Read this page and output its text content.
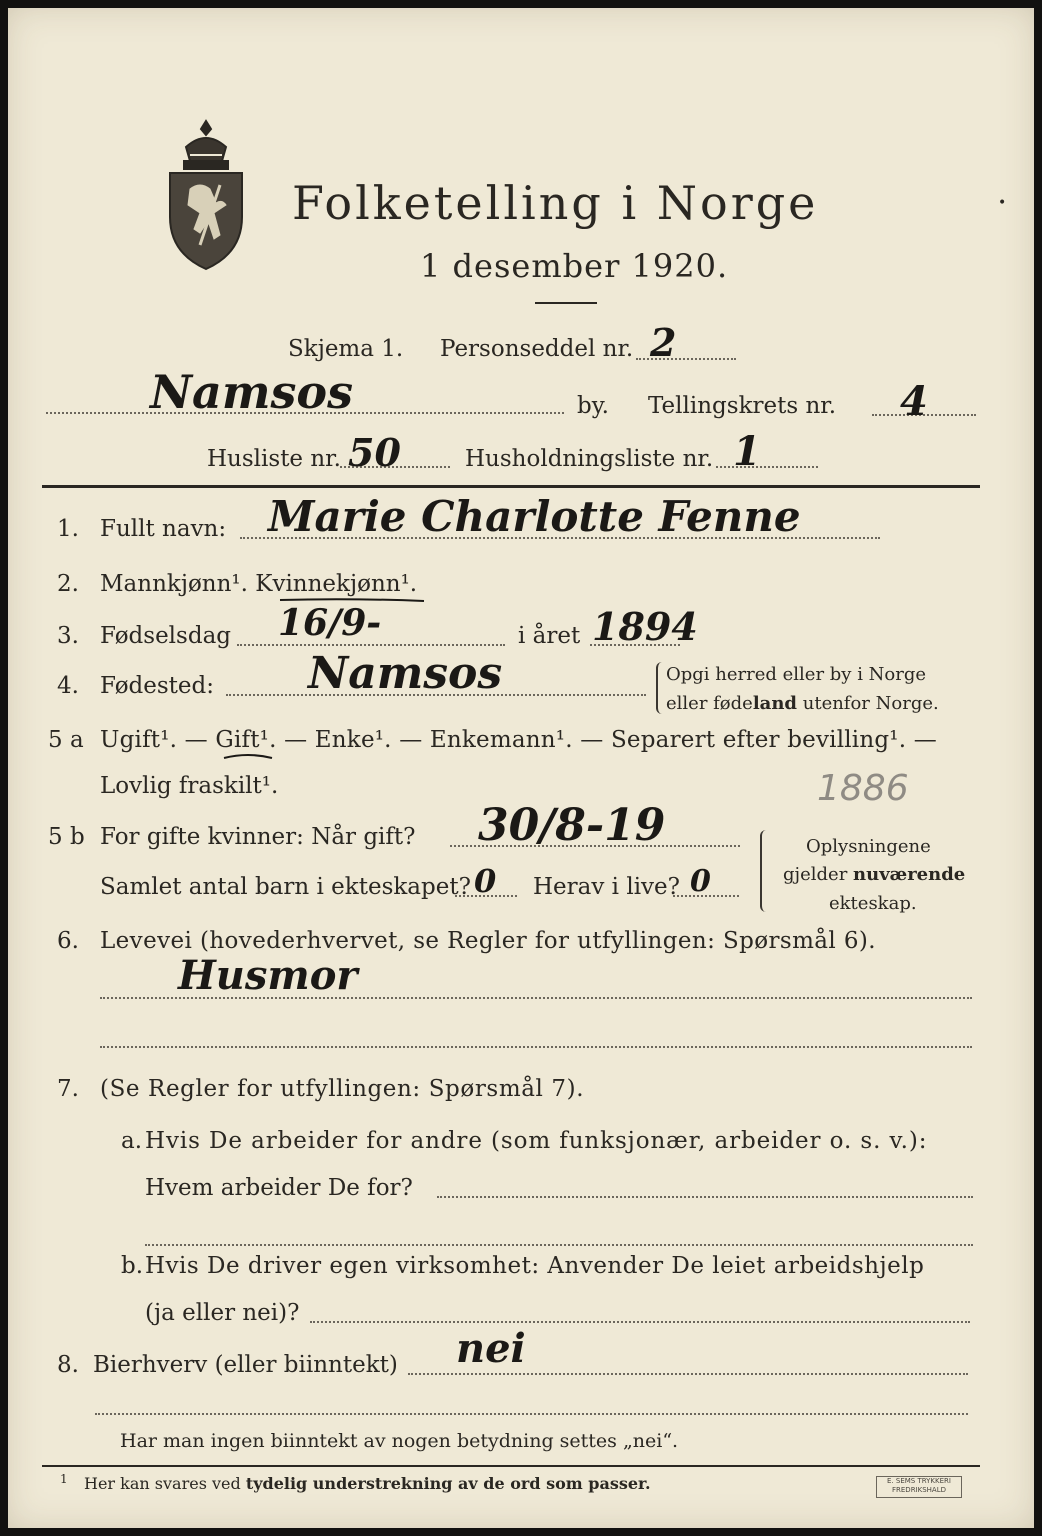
Folketelling i Norge
1 desember 1920.
•
Skjema 1. Personseddel nr. 2
Namsos	by. Tellingskrets nr. 4
Husliste nr. 50	Husholdningsliste nr. 1
1. Fullt navn: Marie Charlotte Fenne
2. Mannkjønn¹. Kvinnekjønn¹.
3. Fødselsdag 16/9-	i året 1894
4. Fødested: Namsos	Opgi herred eller by i Norge
eller fødeland utenfor Norge.
5 a Ugift¹. — Gift¹. — Enke¹. — Enkemann¹. — Separert efter bevilling¹. —
Lovlig fraskilt¹.	1886
5 b For gifte kvinner: Når gift? 30/8-19
Samlet antal barn i ekteskapet? 0 Herav i live? 0
Oplysningene
gjelder nuværende
ekteskap.
6. Levevei (hovederhvervet, se Regler for utfyllingen: Spørsmål 6).
Husmor
7. (Se Regler for utfyllingen: Spørsmål 7).
a. Hvis De arbeider for andre (som funksjonær, arbeider o. s. v.):
Hvem arbeider De for?
b. Hvis De driver egen virksomhet: Anvender De leiet arbeidshjelp
(ja eller nei)?
8. Bierhverv (eller biinntekt) nei
Har man ingen biinntekt av nogen betydning settes „nei“.
1 Her kan svares ved tydelig understrekning av de ord som passer.	E. SEMS TRYKKERI
FREDRIKSHALD
